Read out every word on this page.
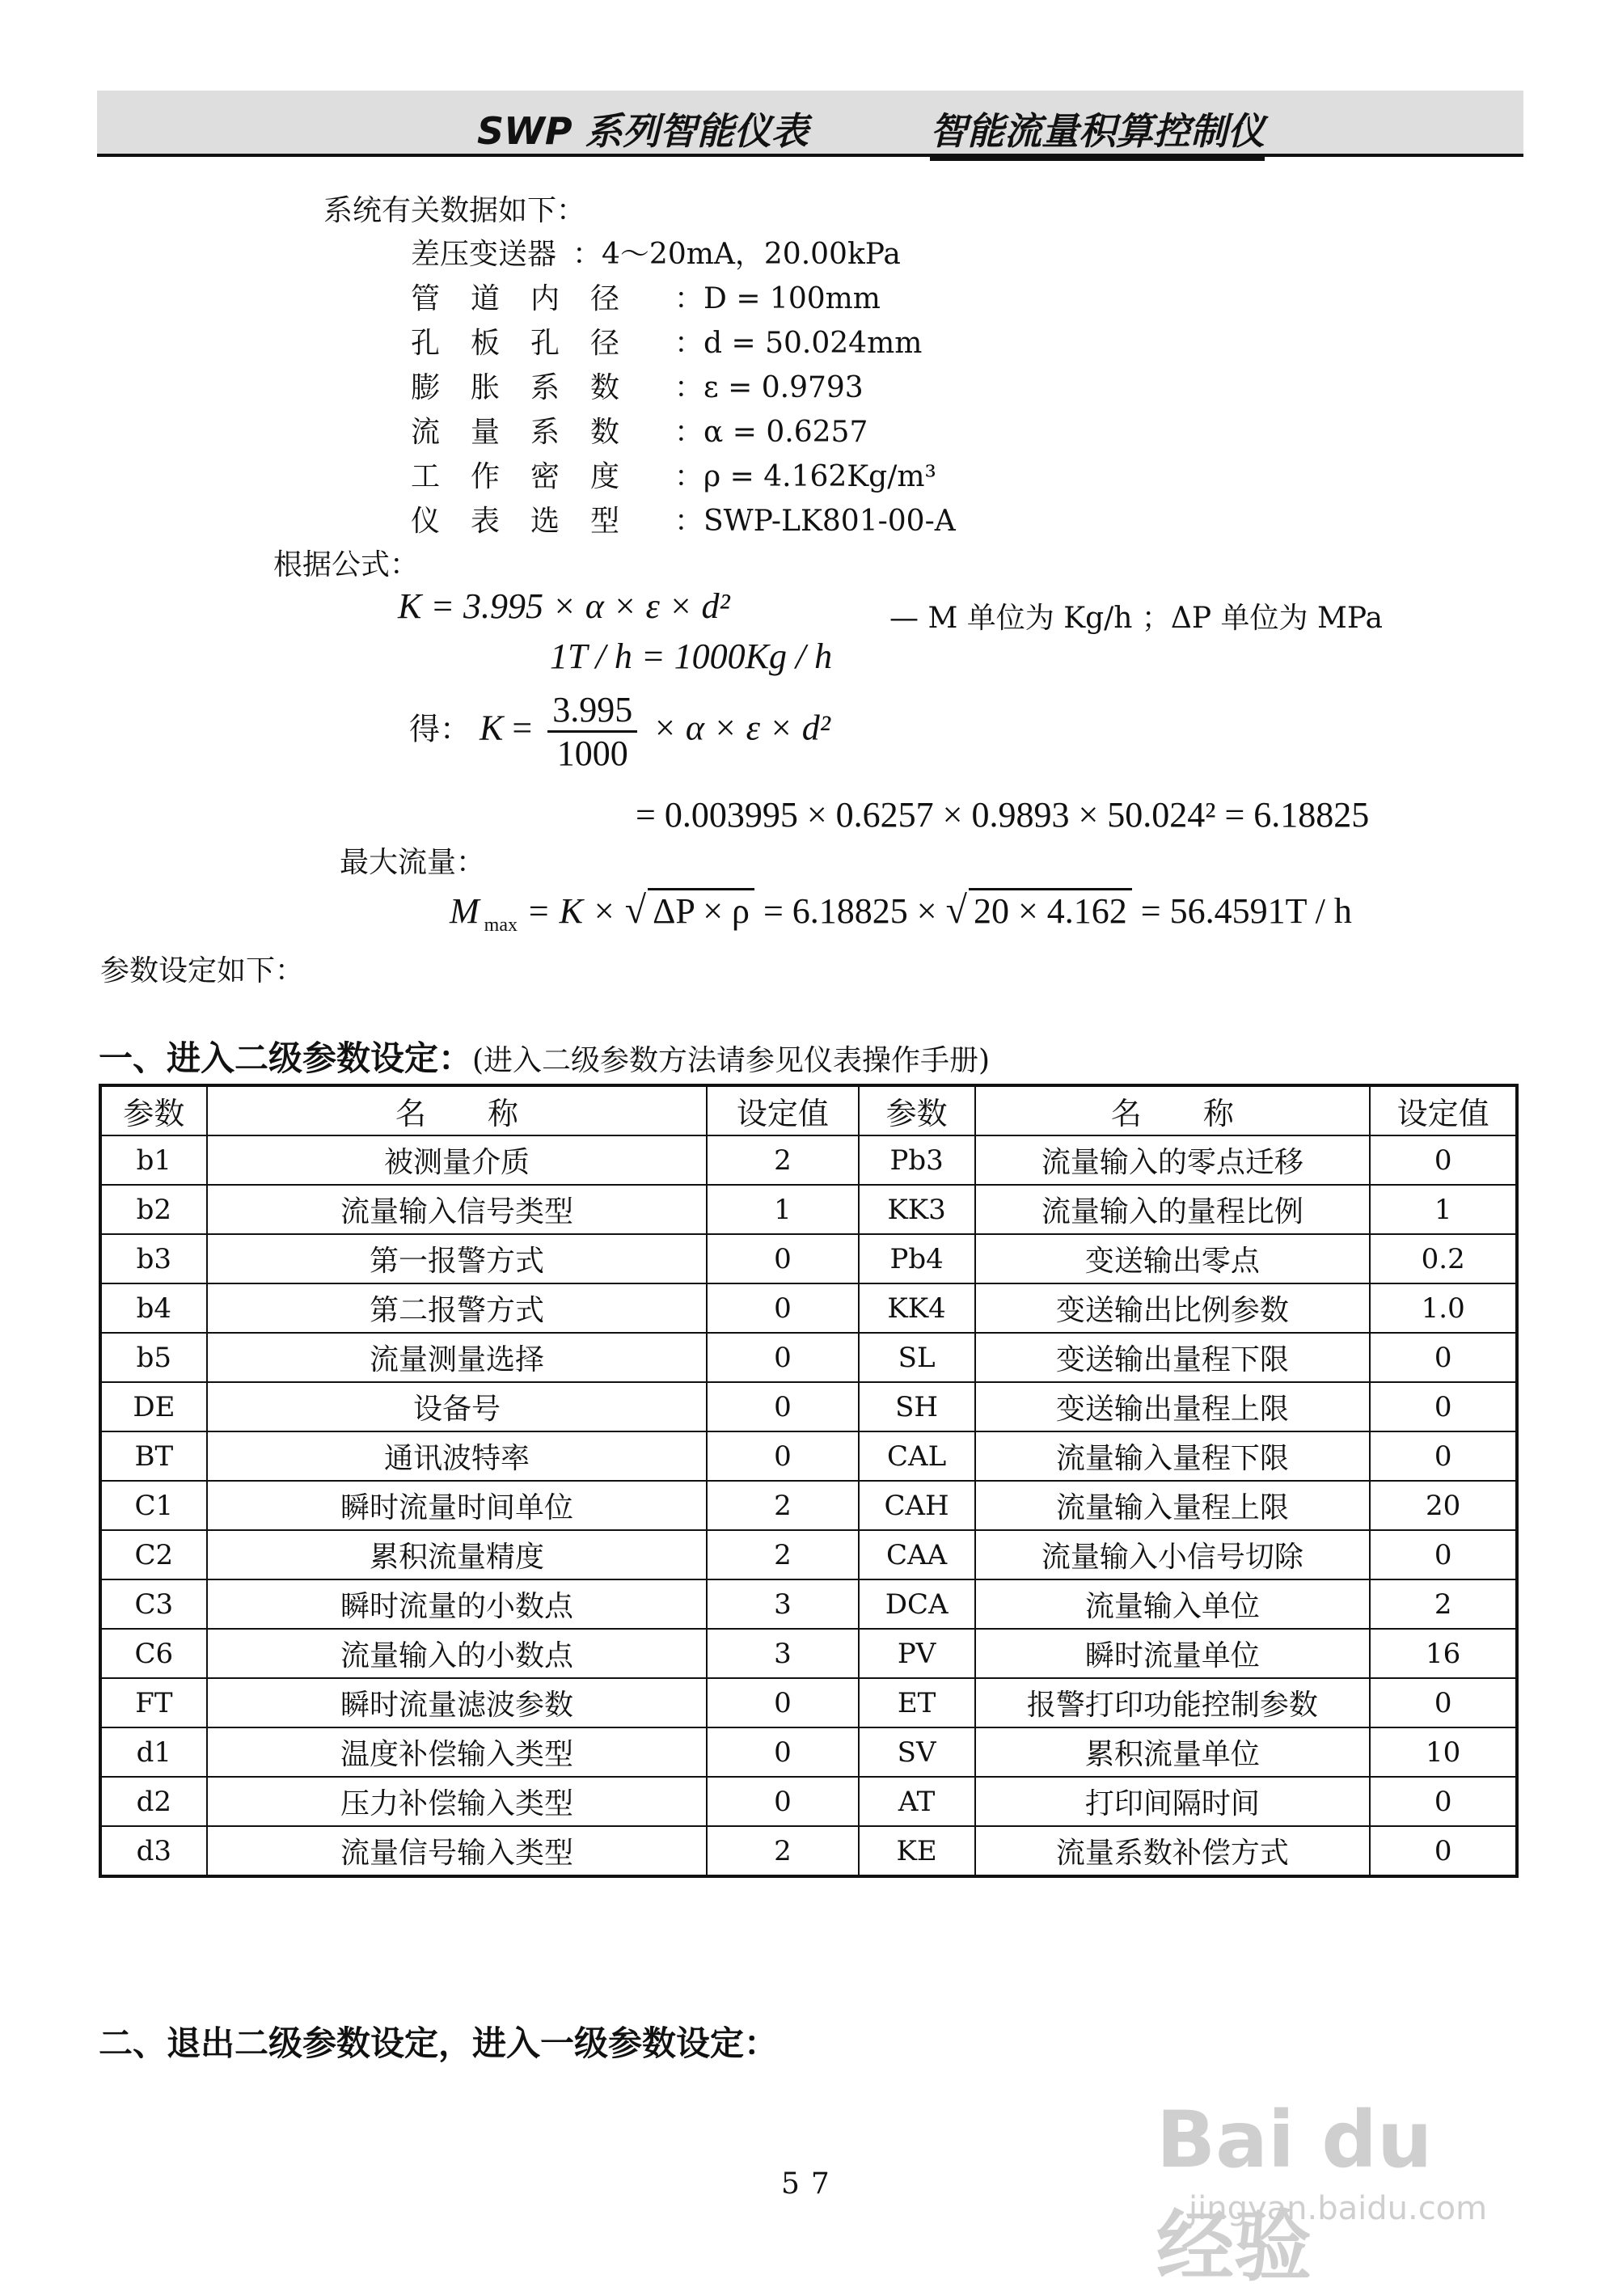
SWP 系列智能仪表	智能流量积算控制仪
系统有关数据如下：
差压变送器 ：4～20mA，20.00kPa
管道内径 ：D = 100mm
孔板孔径 ：d = 50.024mm
膨胀系数 ：ε = 0.9793
流量系数 ：α = 0.6257
工作密度 ：ρ = 4.162Kg/m³
仪表选型 ：SWP-LK801-00-A
根据公式：
K = 3.995 × α × ε × d²	— M 单位为 Kg/h ；ΔP 单位为 MPa
1T / h = 1000Kg / h
得： $K = \frac{3.995}{1000} \times \alpha \times \varepsilon \times d^2$
= 0.003995 × 0.6257 × 0.9893 × 50.024² = 6.18825
最大流量：
M $_{max}$ = K × √ ΔP × ρ = 6.18825 × √ 20 × 4.162 = 56.4591T / h
参数设定如下：
一、进入二级参数设定：(进入二级参数方法请参见仪表操作手册)
参数	名　　称	设定值	参数	名　　称	设定值
b1	被测量介质	2	Pb3	流量输入的零点迁移	0
b2	流量输入信号类型	1	KK3	流量输入的量程比例	1
b3	第一报警方式	0	Pb4	变送输出零点	0.2
b4	第二报警方式	0	KK4	变送输出比例参数	1.0
b5	流量测量选择	0	SL	变送输出量程下限	0
DE	设备号	0	SH	变送输出量程上限	0
BT	通讯波特率	0	CAL	流量输入量程下限	0
C1	瞬时流量时间单位	2	CAH	流量输入量程上限	20
C2	累积流量精度	2	CAA	流量输入小信号切除	0
C3	瞬时流量的小数点	3	DCA	流量输入单位	2
C6	流量输入的小数点	3	PV	瞬时流量单位	16
FT	瞬时流量滤波参数	0	ET	报警打印功能控制参数	0
d1	温度补偿输入类型	0	SV	累积流量单位	10
d2	压力补偿输入类型	0	AT	打印间隔时间	0
d3	流量信号输入类型	2	KE	流量系数补偿方式	0
二、退出二级参数设定，进入一级参数设定：
57	Bai du 经验
jingyan.baidu.com
